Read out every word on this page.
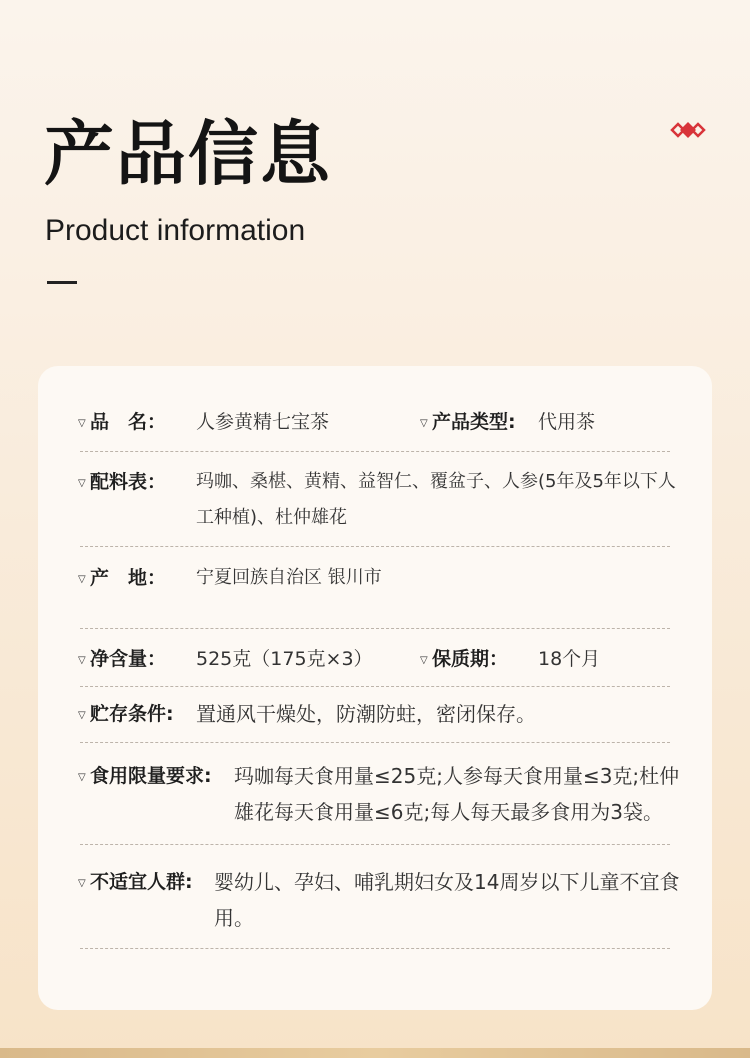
产品信息
Product information
▽ 品　名： 人参黄精七宝茶	▽ 产品类型: 代用茶
▽ 配料表： 玛咖、桑椹、黄精、益智仁、覆盆子、人参(5年及5年以下人工种植)、杜仲雄花
▽ 产　地： 宁夏回族自治区 银川市
▽ 净含量： 525克（175克×3）	▽ 保质期： 18个月
▽ 贮存条件: 置通风干燥处，防潮防蛀，密闭保存。
▽ 食用限量要求: 玛咖每天食用量≤25克;人参每天食用量≤3克;杜仲雄花每天食用量≤6克;每人每天最多食用为3袋。
▽ 不适宜人群: 婴幼儿、孕妇、哺乳期妇女及14周岁以下儿童不宜食用。
